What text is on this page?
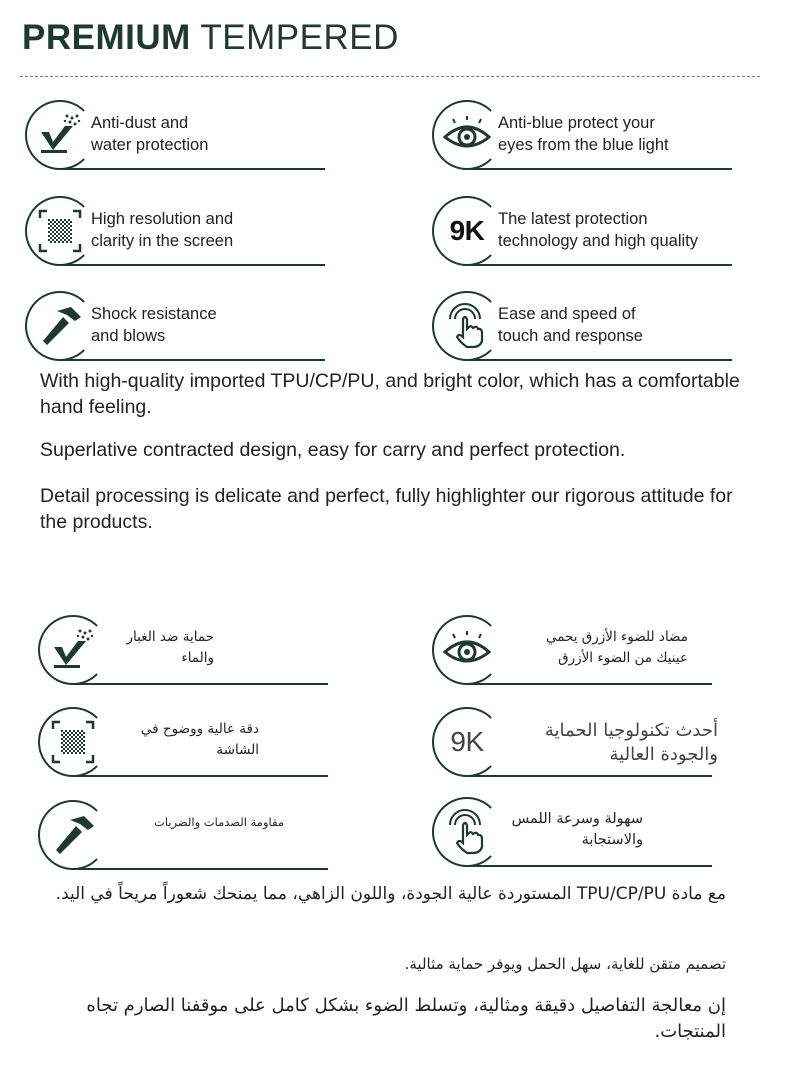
PREMIUM TEMPERED
Anti-dust and
water protection
Anti-blue protect your
eyes from the blue light
High resolution and
clarity in the screen	9K The latest protection
technology and high quality
Shock resistance
and blows
Ease and speed of
touch and response
With high-quality imported TPU/CP/PU, and bright color, which has a comfortable hand feeling.
Superlative contracted design, easy for carry and perfect protection.
Detail processing is delicate and perfect, fully highlighter our rigorous attitude for the products.
حماية ضد الغبار
والماء
مضاد للضوء الأزرق يحمي
عينيك من الضوء الأزرق
دقة عالية ووضوح في
الشاشة	9K	أحدث تكنولوجيا الحماية
والجودة العالية
مقاومة الصدمات والضربات	سهولة وسرعة اللمس
والاستجابة
مع مادة TPU/CP/PU المستوردة عالية الجودة، واللون الزاهي، مما يمنحك شعوراً مريحاً في اليد.
تصميم متقن للغاية، سهل الحمل ويوفر حماية مثالية.
إن معالجة التفاصيل دقيقة ومثالية، وتسلط الضوء بشكل كامل على موقفنا الصارم تجاه المنتجات.
